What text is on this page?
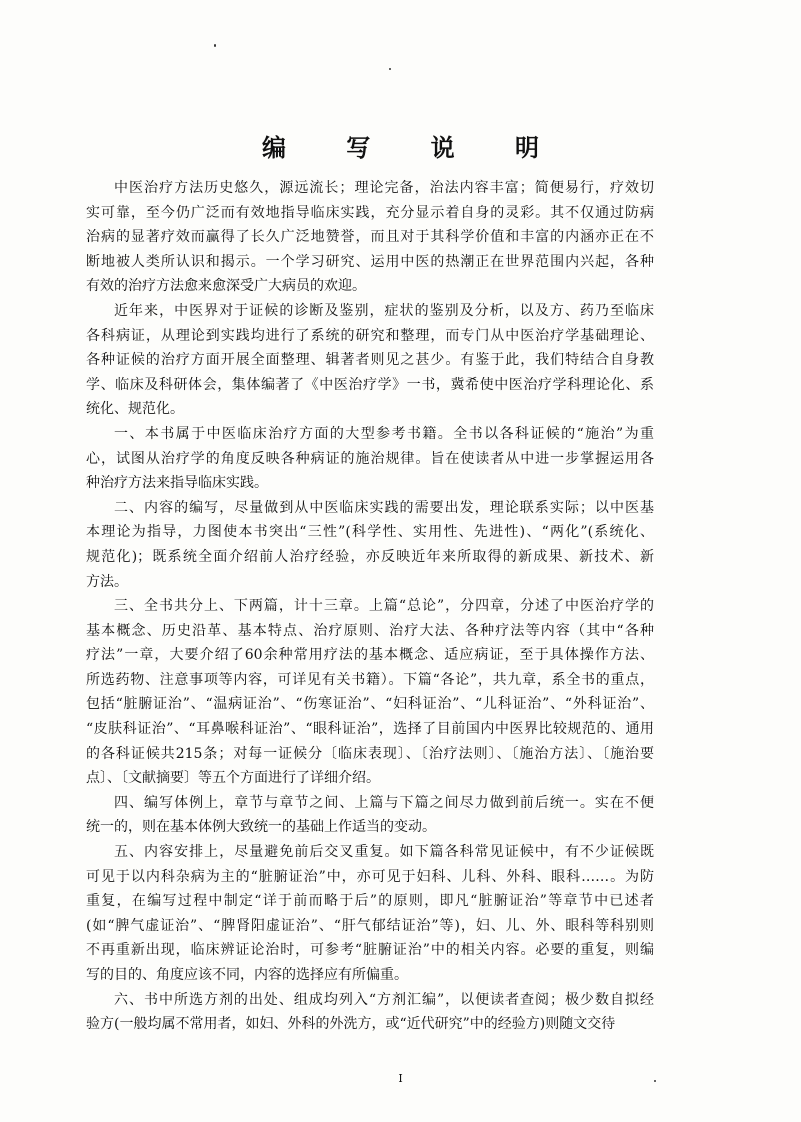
编 写 说 明
中医治疗方法历史悠久，源远流长；理论完备，治法内容丰富；简便易行，疗效切
实可靠，至今仍广泛而有效地指导临床实践，充分显示着自身的灵彩。其不仅通过防病
治病的显著疗效而赢得了长久广泛地赞誉，而且对于其科学价值和丰富的内涵亦正在不
断地被人类所认识和揭示。一个学习研究、运用中医的热潮正在世界范围内兴起，各种
有效的治疗方法愈来愈深受广大病员的欢迎。
近年来，中医界对于证候的诊断及鉴别，症状的鉴别及分析，以及方、药乃至临床
各科病证，从理论到实践均进行了系统的研究和整理，而专门从中医治疗学基础理论、
各种证候的治疗方面开展全面整理、辑著者则见之甚少。有鉴于此，我们特结合自身教
学、临床及科研体会，集体编著了《中医治疗学》一书，冀希使中医治疗学科理论化、系
统化、规范化。
一、本书属于中医临床治疗方面的大型参考书籍。全书以各科证候的“施治”为重
心，试图从治疗学的角度反映各种病证的施治规律。旨在使读者从中进一步掌握运用各
种治疗方法来指导临床实践。
二、内容的编写，尽量做到从中医临床实践的需要出发，理论联系实际；以中医基
本理论为指导，力图使本书突出“三性”(科学性、实用性、先进性)、“两化”(系统化、
规范化)；既系统全面介绍前人治疗经验，亦反映近年来所取得的新成果、新技术、新
方法。
三、全书共分上、下两篇，计十三章。上篇“总论”，分四章，分述了中医治疗学的
基本概念、历史沿革、基本特点、治疗原则、治疗大法、各种疗法等内容（其中“各种
疗法”一章，大要介绍了60余种常用疗法的基本概念、适应病证，至于具体操作方法、
所选药物、注意事项等内容，可详见有关书籍）。下篇“各论”，共九章，系全书的重点，
包括“脏腑证治”、“温病证治”、“伤寒证治”、“妇科证治”、“儿科证治”、“外科证治”、
“皮肤科证治”、“耳鼻喉科证治”、“眼科证治”，选择了目前国内中医界比较规范的、通用
的各科证候共215条；对每一证候分〔临床表现〕、〔治疗法则〕、〔施治方法〕、〔施治要
点〕、〔文献摘要〕等五个方面进行了详细介绍。
四、编写体例上，章节与章节之间、上篇与下篇之间尽力做到前后统一。实在不便
统一的，则在基本体例大致统一的基础上作适当的变动。
五、内容安排上，尽量避免前后交叉重复。如下篇各科常见证候中，有不少证候既
可见于以内科杂病为主的“脏腑证治”中，亦可见于妇科、儿科、外科、眼科……。为防
重复，在编写过程中制定“详于前而略于后”的原则，即凡“脏腑证治”等章节中已述者
(如“脾气虚证治”、“脾肾阳虚证治”、“肝气郁结证治”等)，妇、儿、外、眼科等科别则
不再重新出现，临床辨证论治时，可参考“脏腑证治”中的相关内容。必要的重复，则编
写的目的、角度应该不同，内容的选择应有所偏重。
六、书中所选方剂的出处、组成均列入“方剂汇编”，以便读者查阅；极少数自拟经
验方(一般均属不常用者，如妇、外科的外洗方，或“近代研究”中的经验方)则随文交待
I
